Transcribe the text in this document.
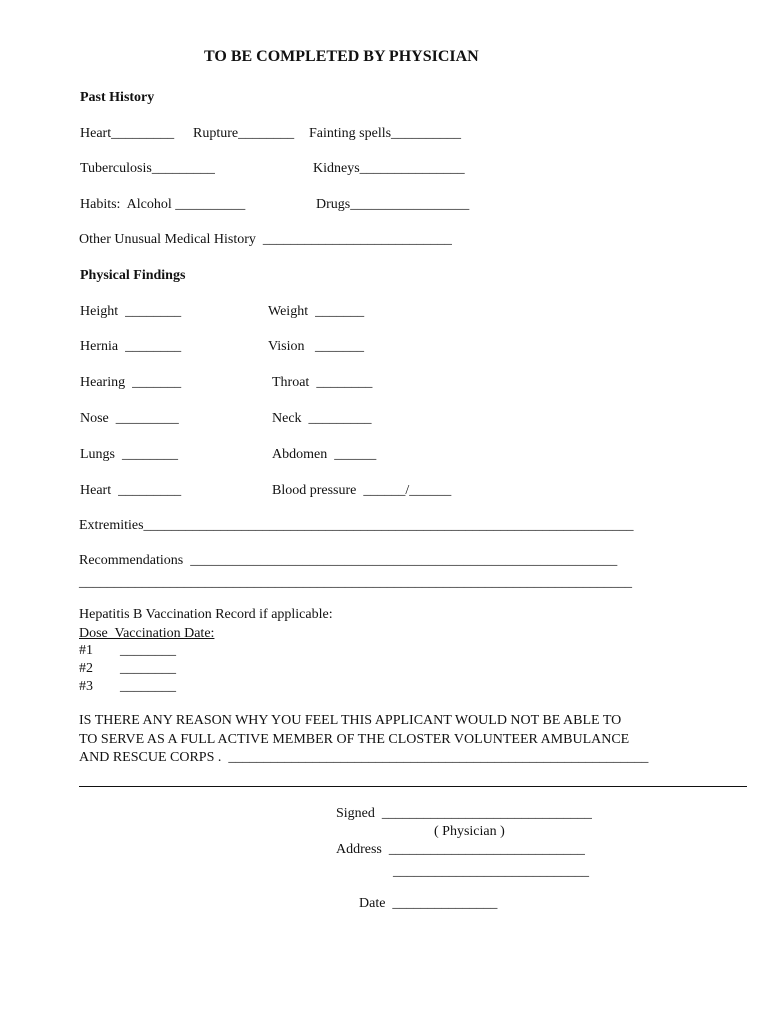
TO BE COMPLETED BY PHYSICIAN
Past History
Heart_________ Rupture________ Fainting spells__________
Tuberculosis_________	Kidneys_______________
Habits:  Alcohol __________	Drugs_________________
Other Unusual Medical History  ___________________________
Physical Findings
Height  ________	Weight  _______
Hernia  ________	Vision   _______
Hearing  _______	Throat  ________
Nose  _________	Neck  _________
Lungs  ________	Abdomen  ______
Heart  _________	Blood pressure  ______/______
Extremities______________________________________________________________________
Recommendations  _____________________________________________________________
_______________________________________________________________________________
Hepatitis B Vaccination Record if applicable:
Dose  Vaccination Date:
#1 ________
#2 ________
#3 ________
IS THERE ANY REASON WHY YOU FEEL THIS APPLICANT WOULD NOT BE ABLE TO
TO SERVE AS A FULL ACTIVE MEMBER OF THE CLOSTER VOLUNTEER AMBULANCE
AND RESCUE CORPS .  ____________________________________________________________
Signed  ______________________________
( Physician )
Address  ____________________________
____________________________
Date  _______________
